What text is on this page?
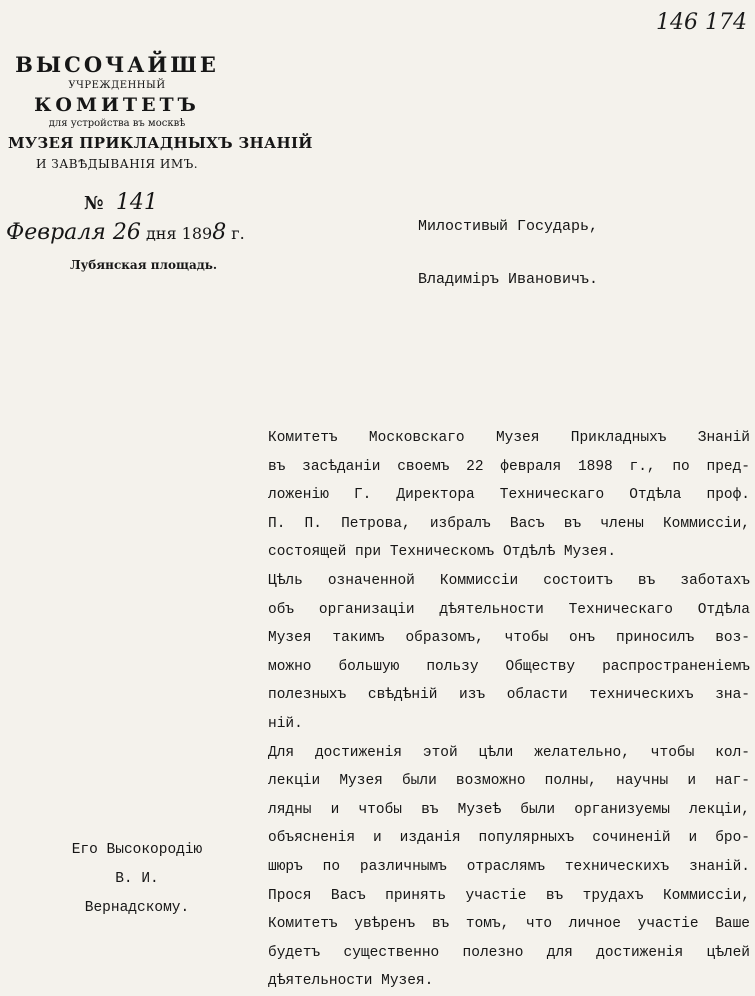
146 174
ВЫСОЧАЙШЕ
УЧРЕЖДЕННЫЙ
КОМИТЕТЪ
для устройства въ москвѣ
МУЗЕЯ ПРИКЛАДНЫХЪ ЗНАНІЙ
И ЗАВѢДЫВАНІЯ ИМЪ.
№ 141
Февраля 26 дня 1898 г.
Лубянская площадь.
Милостивый Государь,
Владиміръ Ивановичъ.
Комитетъ Московскаго Музея Прикладныхъ Знаній
въ засѣданіи своемъ 22 февраля 1898 г., по пред-
ложенію Г. Директора Техническаго Отдѣла проф.
П. П. Петрова, избралъ Васъ въ члены Коммиссіи,
состоящей при Техническомъ Отдѣлѣ Музея.
Цѣль означенной Коммиссіи состоитъ въ заботахъ
объ организаціи дѣятельности Техническаго Отдѣла
Музея такимъ образомъ, чтобы онъ приносилъ воз-
можно большую пользу Обществу распространеніемъ
полезныхъ свѣдѣній изъ области техническихъ зна-
ній.
Для достиженія этой цѣли желательно, чтобы кол-
лекціи Музея были возможно полны, научны и наг-
лядны и чтобы въ Музеѣ были организуемы лекціи,
объясненія и изданія популярныхъ сочиненій и бро-
шюръ по различнымъ отраслямъ техническихъ знаній.
Прося Васъ принять участіе въ трудахъ Коммиссіи,
Комитетъ увѣренъ въ томъ, что личное участіе Ваше
будетъ существенно полезно для достиженія цѣлей
дѣятельности Музея.
Его Высокородію
В. И.
Вернадскому.
